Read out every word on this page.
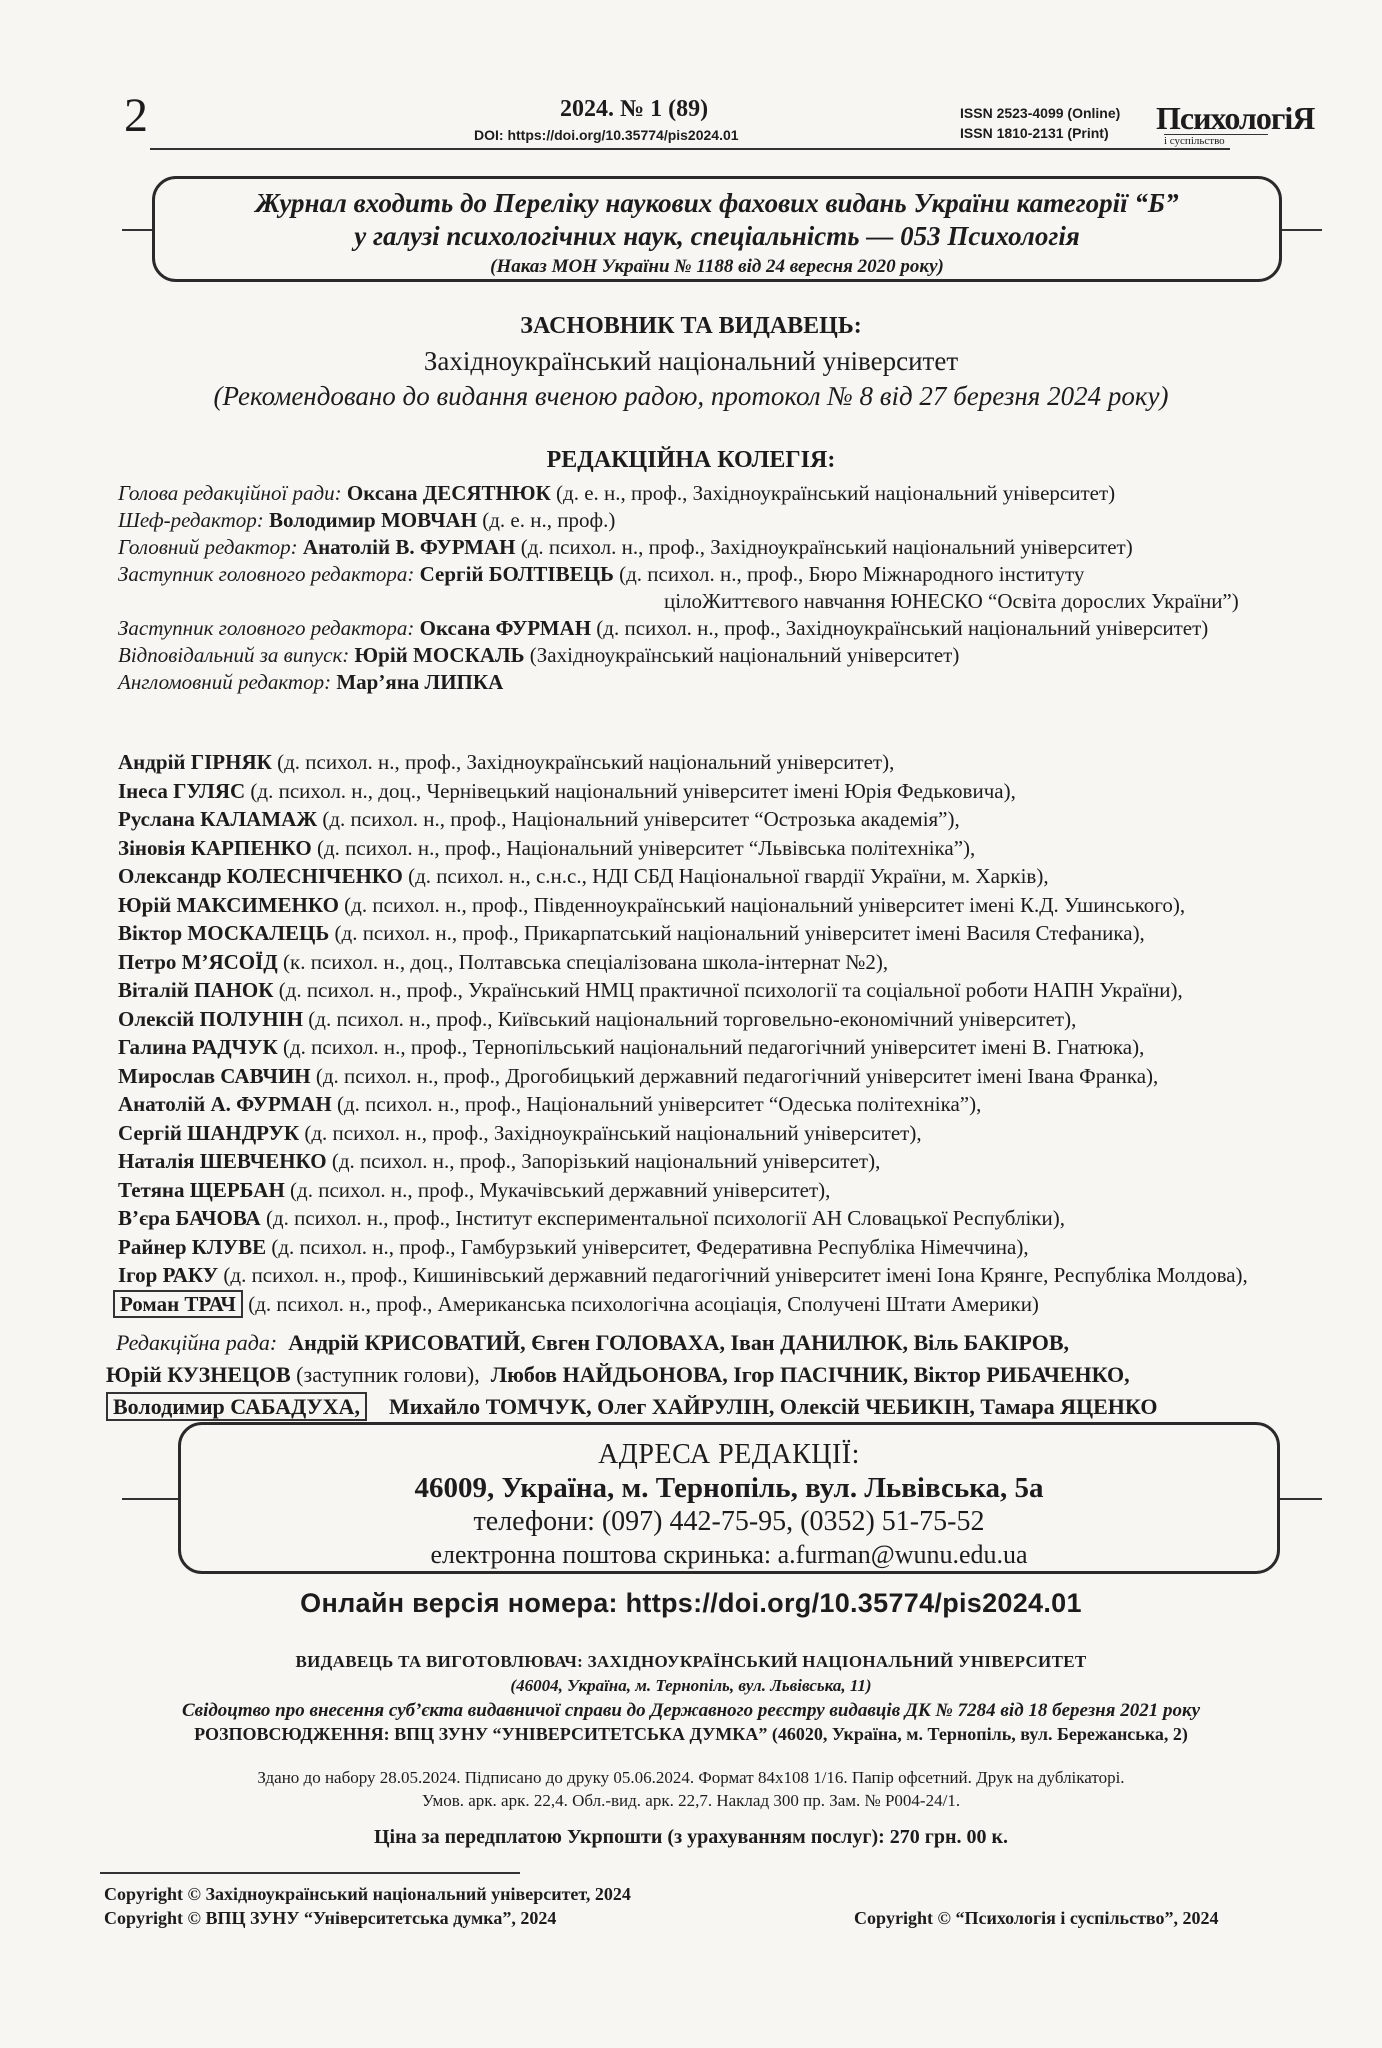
2	2024. № 1 (89)
DOI: https://doi.org/10.35774/pis2024.01
ISSN 2523-4099 (Online)
ISSN 1810-2131 (Print)	ПсихологіЯ
і суспільство
Журнал входить до Переліку наукових фахових видань України категорії “Б”
у галузі психологічних наук, спеціальність — 053 Психологія
(Наказ МОН України № 1188 від 24 вересня 2020 року)
ЗАСНОВНИК ТА ВИДАВЕЦЬ:
Західноукраїнський національний університет
(Рекомендовано до видання вченою радою, протокол № 8 від 27 березня 2024 року)
РЕДАКЦІЙНА КОЛЕГІЯ:
Голова редакційної ради: Оксана ДЕСЯТНЮК (д. е. н., проф., Західноукраїнський національний університет)
Шеф-редактор: Володимир МОВЧАН (д. е. н., проф.)
Головний редактор: Анатолій В. ФУРМАН (д. психол. н., проф., Західноукраїнський національний університет)
Заступник головного редактора: Сергій БОЛТІВЕЦЬ (д. психол. н., проф., Бюро Міжнародного інституту
цілоЖиттєвого навчання ЮНЕСКО “Освіта дорослих України”)
Заступник головного редактора: Оксана ФУРМАН (д. психол. н., проф., Західноукраїнський національний університет)
Відповідальний за випуск: Юрій МОСКАЛЬ (Західноукраїнський національний університет)
Англомовний редактор: Мар’яна ЛИПКА
Андрій ГІРНЯК (д. психол. н., проф., Західноукраїнський національний університет),
Інеса ГУЛЯС (д. психол. н., доц., Чернівецький національний університет імені Юрія Федьковича),
Руслана КАЛАМАЖ (д. психол. н., проф., Національний університет “Острозька академія”),
Зіновія КАРПЕНКО (д. психол. н., проф., Національний університет “Львівська політехніка”),
Олександр КОЛЕСНІЧЕНКО (д. психол. н., с.н.с., НДІ СБД Національної гвардії України, м. Харків),
Юрій МАКСИМЕНКО (д. психол. н., проф., Південноукраїнський національний університет імені К.Д. Ушинського),
Віктор МОСКАЛЕЦЬ (д. психол. н., проф., Прикарпатський національний університет імені Василя Стефаника),
Петро М’ЯСОЇД (к. психол. н., доц., Полтавська спеціалізована школа-інтернат №2),
Віталій ПАНОК (д. психол. н., проф., Український НМЦ практичної психології та соціальної роботи НАПН України),
Олексій ПОЛУНІН (д. психол. н., проф., Київський національний торговельно-економічний університет),
Галина РАДЧУК (д. психол. н., проф., Тернопільський національний педагогічний університет імені В. Гнатюка),
Мирослав САВЧИН (д. психол. н., проф., Дрогобицький державний педагогічний університет імені Івана Франка),
Анатолій А. ФУРМАН (д. психол. н., проф., Національний університет “Одеська політехніка”),
Сергій ШАНДРУК (д. психол. н., проф., Західноукраїнський національний університет),
Наталія ШЕВЧЕНКО (д. психол. н., проф., Запорізький національний університет),
Тетяна ЩЕРБАН (д. психол. н., проф., Мукачівський державний університет),
В’єра БАЧОВА (д. психол. н., проф., Інститут експериментальної психології АН Словацької Республіки),
Райнер КЛУВЕ (д. психол. н., проф., Гамбурзький університет, Федеративна Республіка Німеччина),
Ігор РАКУ (д. психол. н., проф., Кишинівський державний педагогічний університет імені Іона Крянге, Республіка Молдова),
Роман ТРАЧ (д. психол. н., проф., Американська психологічна асоціація, Сполучені Штати Америки)
Редакційна рада: Андрій КРИСОВАТИЙ, Євген ГОЛОВАХА, Іван ДАНИЛЮК, Віль БАКІРОВ,
Юрій КУЗНЕЦОВ (заступник голови), Любов НАЙДЬОНОВА, Ігор ПАСІЧНИК, Віктор РИБАЧЕНКО,
Володимир САБАДУХА, Михайло ТОМЧУК, Олег ХАЙРУЛІН, Олексій ЧЕБИКІН, Тамара ЯЦЕНКО
АДРЕСА РЕДАКЦІЇ:
46009, Україна, м. Тернопіль, вул. Львівська, 5а
телефони: (097) 442-75-95, (0352) 51-75-52
електронна поштова скринька: a.furman@wunu.edu.ua
Онлайн версія номера: https://doi.org/10.35774/pis2024.01
ВИДАВЕЦЬ ТА ВИГОТОВЛЮВАЧ: ЗАХІДНОУКРАЇНСЬКИЙ НАЦІОНАЛЬНИЙ УНІВЕРСИТЕТ
(46004, Україна, м. Тернопіль, вул. Львівська, 11)
Свідоцтво про внесення суб’єкта видавничої справи до Державного реєстру видавців ДК № 7284 від 18 березня 2021 року
РОЗПОВСЮДЖЕННЯ: ВПЦ ЗУНУ “УНІВЕРСИТЕТСЬКА ДУМКА” (46020, Україна, м. Тернопіль, вул. Бережанська, 2)
Здано до набору 28.05.2024. Підписано до друку 05.06.2024. Формат 84x108 1/16. Папір офсетний. Друк на дублікаторі.
Умов. арк. арк. 22,4. Обл.-вид. арк. 22,7. Наклад 300 пр. Зам. № Р004-24/1.
Ціна за передплатою Укрпошти (з урахуванням послуг): 270 грн. 00 к.
Copyright © Західноукраїнський національний університет, 2024
Copyright © ВПЦ ЗУНУ “Університетська думка”, 2024	Copyright © “Психологія і суспільство”, 2024
